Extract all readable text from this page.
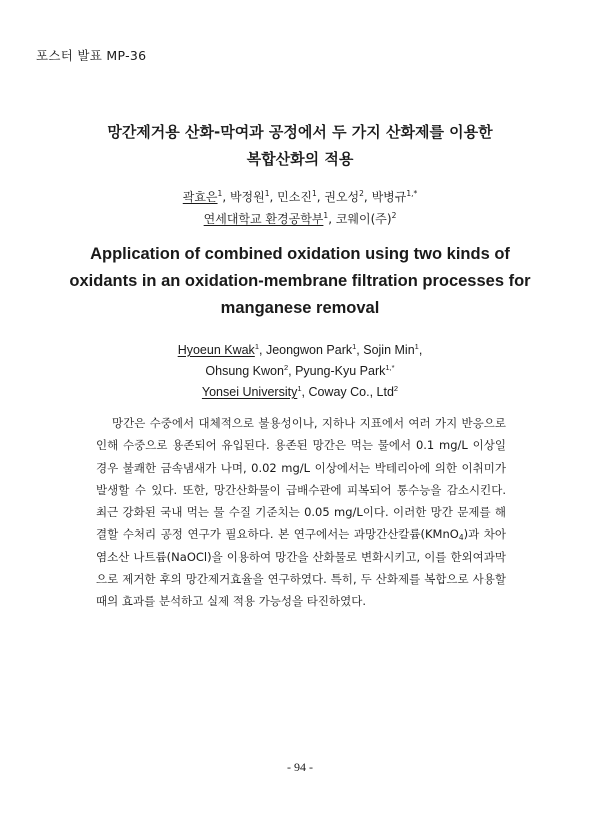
포스터 발표 MP-36
망간제거용 산화-막여과 공정에서 두 가지 산화제를 이용한
복합산화의 적용
곽효은$^1$, 박정원$^1$, 민소진$^1$, 권오성$^2$, 박병규$^{1,*}$
연세대학교 환경공학부$^1$, 코웨이(주)$^2$
Application of combined oxidation using two kinds of
oxidants in an oxidation-membrane filtration processes for
manganese removal
Hyoeun Kwak$^1$, Jeongwon Park$^1$, Sojin Min$^1$,
Ohsung Kwon$^2$, Pyung-Kyu Park$^{1,*}$
Yonsei University$^1$, Coway Co., Ltd$^2$

망간은 수중에서 대체적으로 불용성이나, 지하나 지표에서 여러 가지 반응으로 인해 수중으로 용존되어 유입된다. 용존된 망간은 먹는 물에서 0.1 mg/L 이상일 경우 불쾌한 금속냄새가 나며, 0.02 mg/L 이상에서는 박테리아에 의한 이취미가 발생할 수 있다. 또한, 망간산화물이 급배수관에 피복되어 통수능을 감소시킨다. 최근 강화된 국내 먹는 물 수질 기준치는 0.05 mg/L이다. 이러한 망간 문제를 해결할 수처리 공정 연구가 필요하다. 본 연구에서는 과망간산칼륨(KMnO$_4$)과 차아염소산 나트륨(NaOCl)을 이용하여 망간을 산화물로 변화시키고, 이를 한외여과막으로 제거한 후의 망간제거효율을 연구하였다. 특히, 두 산화제를 복합으로 사용할 때의 효과를 분석하고 실제 적용 가능성을 타진하였다.

- 94 -
